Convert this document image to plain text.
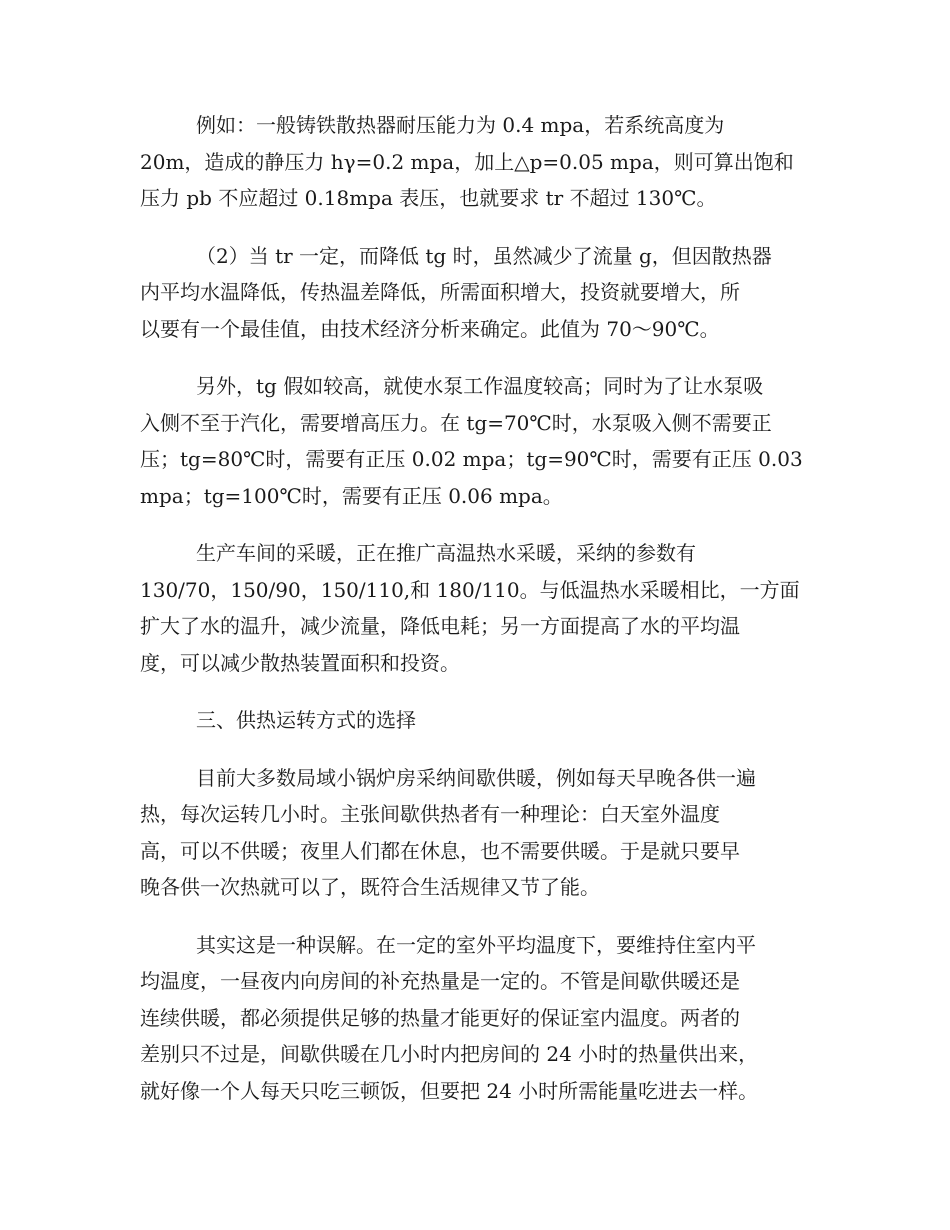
例如：一般铸铁散热器耐压能力为 0.4 mpa，若系统高度为
20m，造成的静压力 hγ=0.2 mpa，加上△p=0.05 mpa，则可算出饱和
压力 pb 不应超过 0.18mpa 表压，也就要求 tr 不超过 130℃。
（2）当 tr 一定，而降低 tg 时，虽然减少了流量 g，但因散热器
内平均水温降低，传热温差降低，所需面积增大，投资就要增大，所
以要有一个最佳值，由技术经济分析来确定。此值为 70～90℃。
另外，tg 假如较高，就使水泵工作温度较高；同时为了让水泵吸
入侧不至于汽化，需要增高压力。在 tg=70℃时，水泵吸入侧不需要正
压；tg=80℃时，需要有正压 0.02 mpa；tg=90℃时，需要有正压 0.03
mpa；tg=100℃时，需要有正压 0.06 mpa。
生产车间的采暖，正在推广高温热水采暖，采纳的参数有
130/70，150/90，150/110,和 180/110。与低温热水采暖相比，一方面
扩大了水的温升，减少流量，降低电耗；另一方面提高了水的平均温
度，可以减少散热装置面积和投资。
三、供热运转方式的选择
目前大多数局域小锅炉房采纳间歇供暖，例如每天早晚各供一遍
热，每次运转几小时。主张间歇供热者有一种理论：白天室外温度
高，可以不供暖；夜里人们都在休息，也不需要供暖。于是就只要早
晚各供一次热就可以了，既符合生活规律又节了能。
其实这是一种误解。在一定的室外平均温度下，要维持住室内平
均温度，一昼夜内向房间的补充热量是一定的。不管是间歇供暖还是
连续供暖，都必须提供足够的热量才能更好的保证室内温度。两者的
差别只不过是，间歇供暖在几小时内把房间的 24 小时的热量供出来，
就好像一个人每天只吃三顿饭，但要把 24 小时所需能量吃进去一样。
